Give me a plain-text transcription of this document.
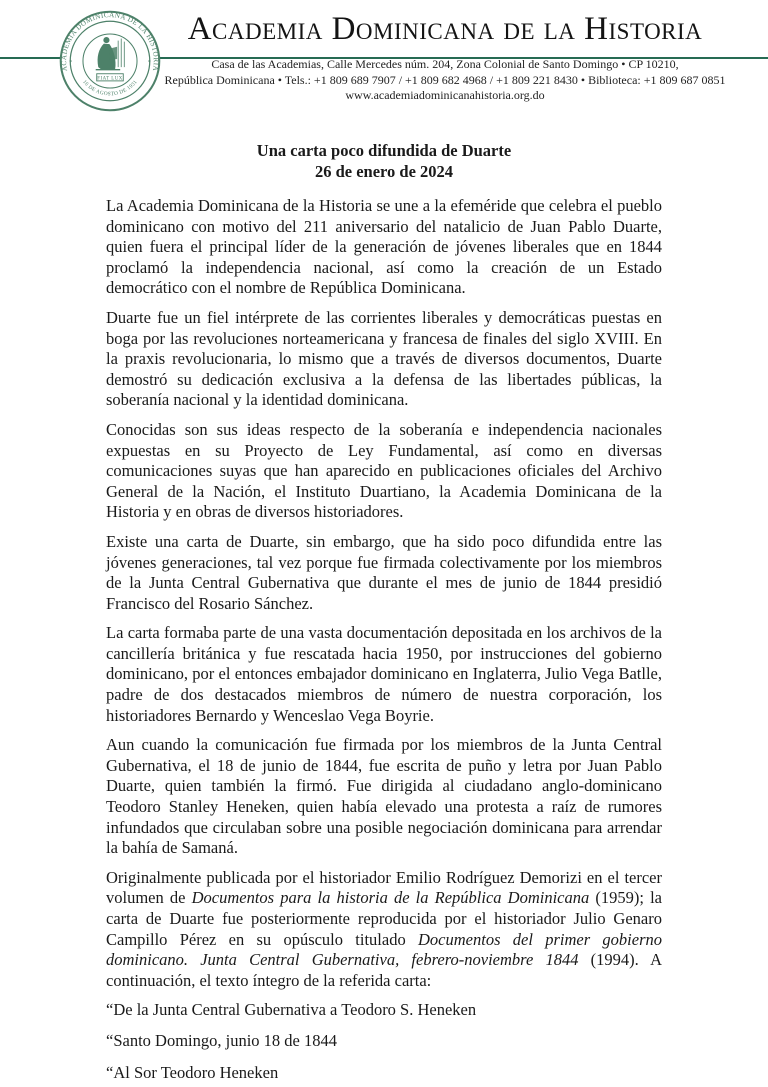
ACADEMIA DOMINICANA DE LA HISTORIA
16 DE AGOSTO DE 1931
*	*
FIAT LUX
Academia Dominicana de la Historia

Casa de las Academias, Calle Mercedes núm. 204, Zona Colonial de Santo Domingo • CP 10210,

República Dominicana • Tels.: +1 809 689 7907 / +1 809 682 4968 / +1 809 221 8430 • Biblioteca: +1 809 687 0851

www.academiadominicanahistoria.org.do

Una carta poco difundida de Duarte
26 de enero de 2024

La Academia Dominicana de la Historia se une a la efeméride que celebra el pueblo dominicano con motivo del 211 aniversario del natalicio de Juan Pablo Duarte, quien fuera el principal líder de la generación de jóvenes liberales que en 1844 proclamó la independencia nacional, así como la creación de un Estado democrático con el nombre de República Dominicana.

Duarte fue un fiel intérprete de las corrientes liberales y democráticas puestas en boga por las revoluciones norteamericana y francesa de finales del siglo XVIII. En la praxis revolucionaria, lo mismo que a través de diversos documentos, Duarte demostró su dedicación exclusiva a la defensa de las libertades públicas, la soberanía nacional y la identidad dominicana.

Conocidas son sus ideas respecto de la soberanía e independencia nacionales expuestas en su Proyecto de Ley Fundamental, así como en diversas comunicaciones suyas que han aparecido en publicaciones oficiales del Archivo General de la Nación, el Instituto Duartiano, la Academia Dominicana de la Historia y en obras de diversos historiadores.

Existe una carta de Duarte, sin embargo, que ha sido poco difundida entre las jóvenes generaciones, tal vez porque fue firmada colectivamente por los miembros de la Junta Central Gubernativa que durante el mes de junio de 1844 presidió Francisco del Rosario Sánchez.

La carta formaba parte de una vasta documentación depositada en los archivos de la cancillería británica y fue rescatada hacia 1950, por instrucciones del gobierno dominicano, por el entonces embajador dominicano en Inglaterra, Julio Vega Batlle, padre de dos destacados miembros de número de nuestra corporación, los historiadores Bernardo y Wenceslao Vega Boyrie.

Aun cuando la comunicación fue firmada por los miembros de la Junta Central Gubernativa, el 18 de junio de 1844, fue escrita de puño y letra por Juan Pablo Duarte, quien también la firmó. Fue dirigida al ciudadano anglo-dominicano Teodoro Stanley Heneken, quien había elevado una protesta a raíz de rumores infundados que circulaban sobre una posible negociación dominicana para arrendar la bahía de Samaná.

Originalmente publicada por el historiador Emilio Rodríguez Demorizi en el tercer volumen de Documentos para la historia de la República Dominicana (1959); la carta de Duarte fue posteriormente reproducida por el historiador Julio Genaro Campillo Pérez en su opúsculo titulado Documentos del primer gobierno dominicano. Junta Central Gubernativa, febrero-noviembre 1844 (1994). A continuación, el texto íntegro de la referida carta:

“De la Junta Central Gubernativa a Teodoro S. Heneken

“Santo Domingo, junio 18 de 1844

“Al Sor Teodoro Heneken
